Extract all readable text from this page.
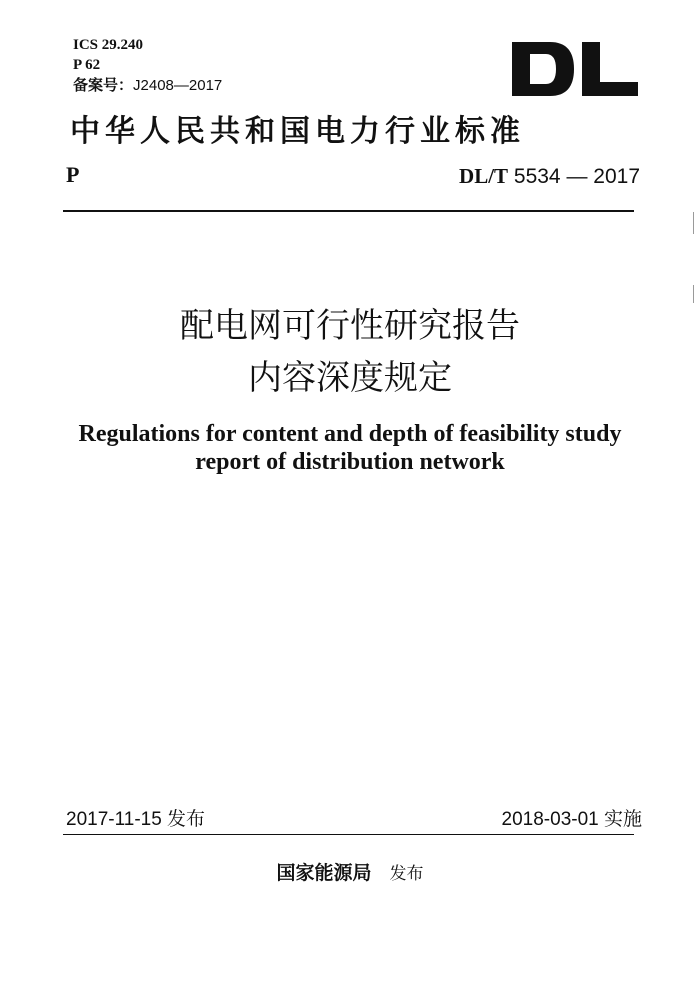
ICS 29.240
P 62
备案号：J2408—2017
中华人民共和国电力行业标准
P	DL/T 5534 — 2017
配电网可行性研究报告
内容深度规定
Regulations for content and depth of feasibility study
report of distribution network
2017-11-15 发布	2018-03-01 实施
国家能源局 发布
